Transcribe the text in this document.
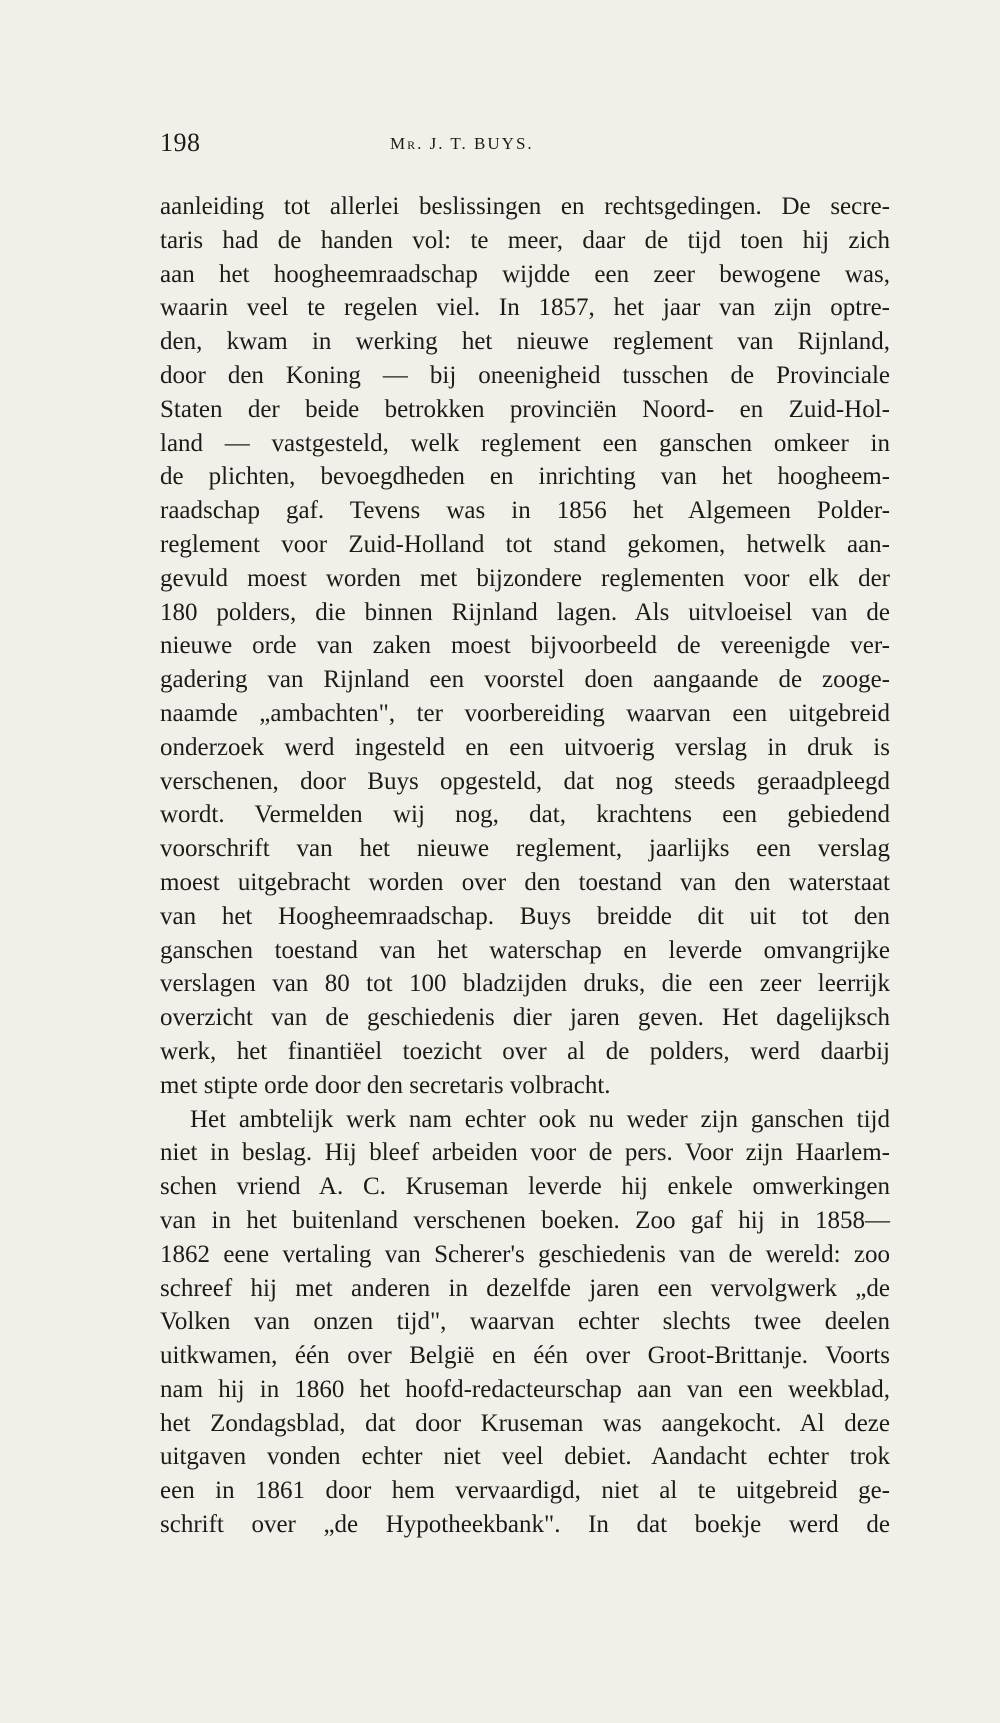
198	Mr. J. T. BUYS.
aanleiding tot allerlei beslissingen en rechtsgedingen. De secre-
taris had de handen vol: te meer, daar de tijd toen hij zich
aan het hoogheemraadschap wijdde een zeer bewogene was,
waarin veel te regelen viel. In 1857, het jaar van zijn optre-
den, kwam in werking het nieuwe reglement van Rijnland,
door den Koning — bij oneenigheid tusschen de Provinciale
Staten der beide betrokken provinciën Noord- en Zuid-Hol-
land — vastgesteld, welk reglement een ganschen omkeer in
de plichten, bevoegdheden en inrichting van het hoogheem-
raadschap gaf. Tevens was in 1856 het Algemeen Polder-
reglement voor Zuid-Holland tot stand gekomen, hetwelk aan-
gevuld moest worden met bijzondere reglementen voor elk der
180 polders, die binnen Rijnland lagen. Als uitvloeisel van de
nieuwe orde van zaken moest bijvoorbeeld de vereenigde ver-
gadering van Rijnland een voorstel doen aangaande de zooge-
naamde „ambachten", ter voorbereiding waarvan een uitgebreid
onderzoek werd ingesteld en een uitvoerig verslag in druk is
verschenen, door Buys opgesteld, dat nog steeds geraadpleegd
wordt. Vermelden wij nog, dat, krachtens een gebiedend
voorschrift van het nieuwe reglement, jaarlijks een verslag
moest uitgebracht worden over den toestand van den waterstaat
van het Hoogheemraadschap. Buys breidde dit uit tot den
ganschen toestand van het waterschap en leverde omvangrijke
verslagen van 80 tot 100 bladzijden druks, die een zeer leerrijk
overzicht van de geschiedenis dier jaren geven. Het dagelijksch
werk, het finantiëel toezicht over al de polders, werd daarbij
met stipte orde door den secretaris volbracht.
Het ambtelijk werk nam echter ook nu weder zijn ganschen tijd
niet in beslag. Hij bleef arbeiden voor de pers. Voor zijn Haarlem-
schen vriend A. C. Kruseman leverde hij enkele omwerkingen
van in het buitenland verschenen boeken. Zoo gaf hij in 1858—
1862 eene vertaling van Scherer's geschiedenis van de wereld: zoo
schreef hij met anderen in dezelfde jaren een vervolgwerk „de
Volken van onzen tijd", waarvan echter slechts twee deelen
uitkwamen, één over België en één over Groot-Brittanje. Voorts
nam hij in 1860 het hoofd-redacteurschap aan van een weekblad,
het Zondagsblad, dat door Kruseman was aangekocht. Al deze
uitgaven vonden echter niet veel debiet. Aandacht echter trok
een in 1861 door hem vervaardigd, niet al te uitgebreid ge-
schrift over „de Hypotheekbank". In dat boekje werd de
